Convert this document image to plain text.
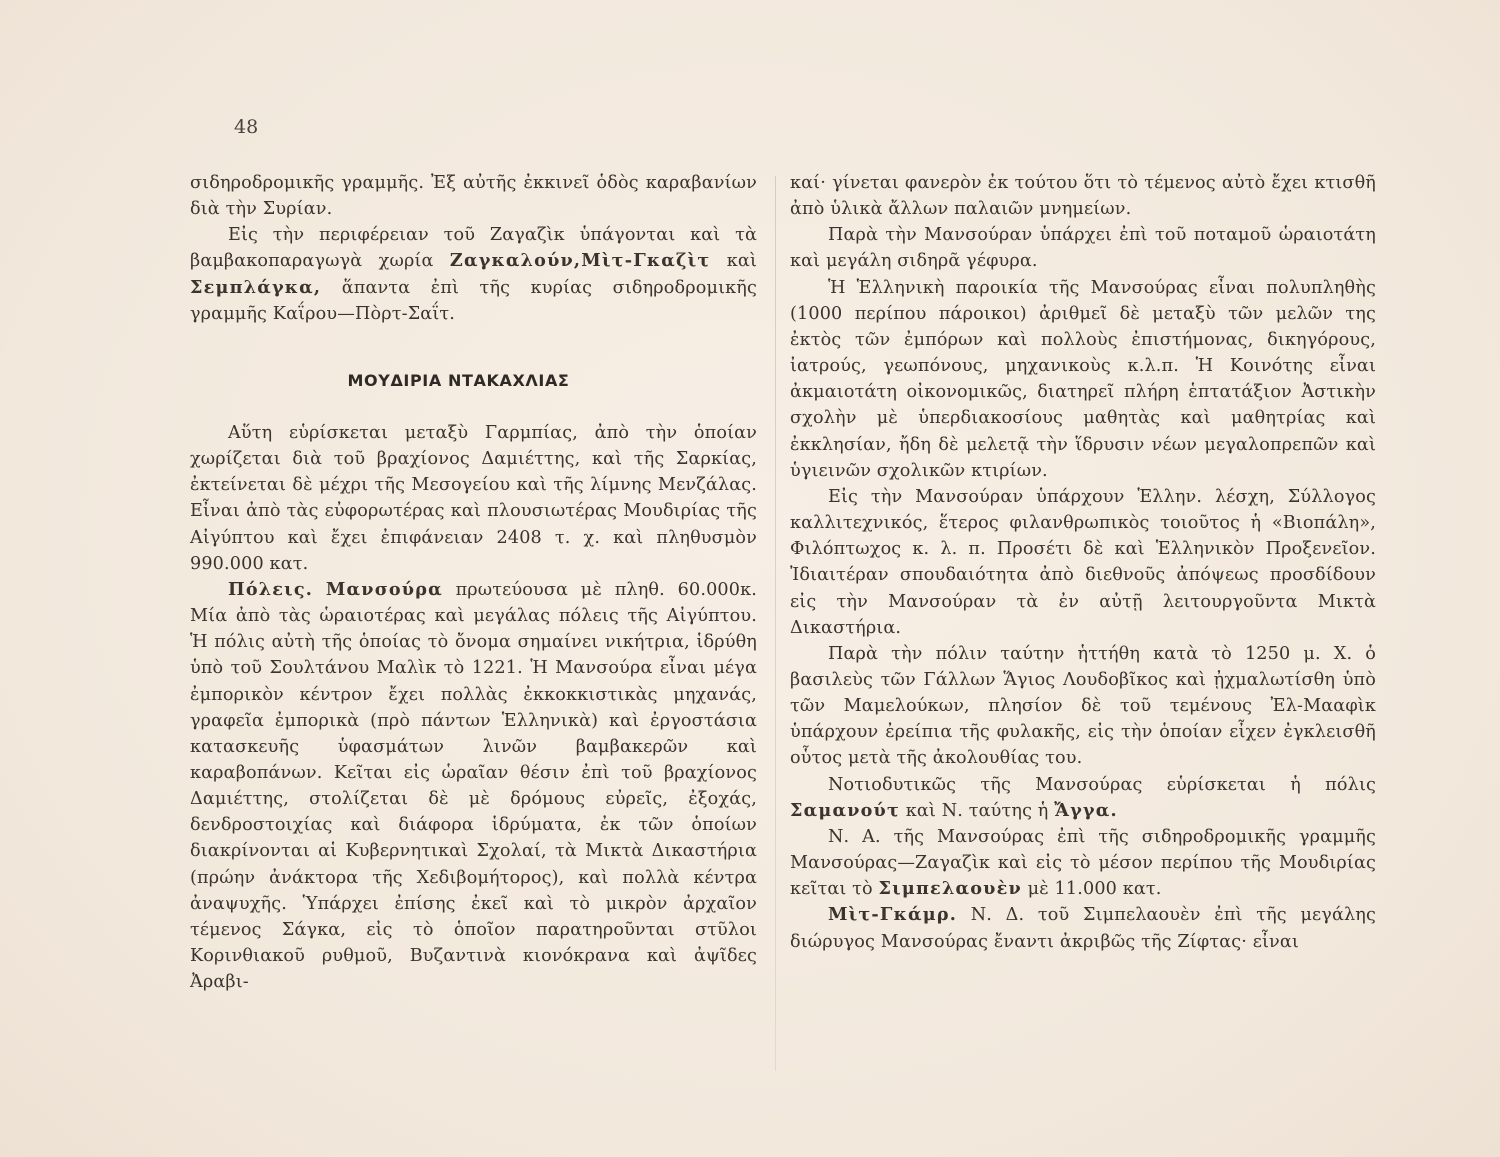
48

σιδηροδρομικῆς γραμμῆς. Ἐξ αὐτῆς ἐκκινεῖ ὁδὸς καραβανίων διὰ τὴν Συρίαν.

Εἰς τὴν περιφέρειαν τοῦ Ζαγαζὶκ ὑπάγονται καὶ τὰ βαμβακοπαραγωγὰ χωρία Ζαγκαλούν,Μὶτ-Γκαζὶτ καὶ Σεμπλάγκα, ἅπαντα ἐπὶ τῆς κυρίας σιδηροδρομικῆς γραμμῆς Καΐρου—Πὸρτ-Σαΐτ.

ΜΟΥΔΙΡΙΑ ΝΤΑΚΑΧΛΙΑΣ

Αὕτη εὑρίσκεται μεταξὺ Γαρμπίας, ἀπὸ τὴν ὁποίαν χωρίζεται διὰ τοῦ βραχίονος Δαμιέττης, καὶ τῆς Σαρκίας, ἐκτείνεται δὲ μέχρι τῆς Μεσογείου καὶ τῆς λίμνης Μενζάλας. Εἶναι ἀπὸ τὰς εὐφορωτέρας καὶ πλουσιωτέρας Μουδιρίας τῆς Αἰγύπτου καὶ ἔχει ἐπιφάνειαν 2408 τ. χ. καὶ πληθυσμὸν 990.000 κατ.

Πόλεις. Μανσούρα πρωτεύουσα μὲ πληθ. 60.000κ. Μία ἀπὸ τὰς ὡραιοτέρας καὶ μεγάλας πόλεις τῆς Αἰγύπτου. Ἡ πόλις αὐτὴ τῆς ὁποίας τὸ ὄνομα σημαίνει νικήτρια, ἱδρύθη ὑπὸ τοῦ Σουλτάνου Μαλὶκ τὸ 1221. Ἡ Μανσούρα εἶναι μέγα ἐμπορικὸν κέντρον ἔχει πολλὰς ἐκκοκκιστικὰς μηχανάς, γραφεῖα ἐμπορικὰ (πρὸ πάντων Ἑλληνικὰ) καὶ ἐργοστάσια κατασκευῆς ὑφασμάτων λινῶν βαμβακερῶν καὶ καραβοπάνων. Κεῖται εἰς ὡραῖαν θέσιν ἐπὶ τοῦ βραχίονος Δαμιέττης, στολίζεται δὲ μὲ δρόμους εὐρεῖς, ἐξοχάς, δενδροστοιχίας καὶ διάφορα ἱδρύματα, ἐκ τῶν ὁποίων διακρίνονται αἱ Κυβερνητικαὶ Σχολαί, τὰ Μικτὰ Δικαστήρια (πρώην ἀνάκτορα τῆς Χεδιβομήτορος), καὶ πολλὰ κέντρα ἀναψυχῆς. Ὑπάρχει ἐπίσης ἐκεῖ καὶ τὸ μικρὸν ἀρχαῖον τέμενος Σάγκα, εἰς τὸ ὁποῖον παρατηροῦνται στῦλοι Κορινθιακοῦ ρυθμοῦ, Βυζαντινὰ κιονόκρανα καὶ ἀψῖδες Ἀραβι-

καί· γίνεται φανερὸν ἐκ τούτου ὅτι τὸ τέμενος αὐτὸ ἔχει κτισθῆ ἀπὸ ὑλικὰ ἄλλων παλαιῶν μνημείων.

Παρὰ τὴν Μανσούραν ὑπάρχει ἐπὶ τοῦ ποταμοῦ ὡραιοτάτη καὶ μεγάλη σιδηρᾶ γέφυρα.

Ἡ Ἑλληνικὴ παροικία τῆς Μανσούρας εἶναι πολυπληθὴς (1000 περίπου πάροικοι) ἀριθμεῖ δὲ μεταξὺ τῶν μελῶν της ἐκτὸς τῶν ἐμπόρων καὶ πολλοὺς ἐπιστήμονας, δικηγόρους, ἰατρούς, γεωπόνους, μηχανικοὺς κ.λ.π. Ἡ Κοινότης εἶναι ἀκμαιοτάτη οἰκονομικῶς, διατηρεῖ πλήρη ἑπτατάξιον Ἀστικὴν σχολὴν μὲ ὑπερδιακοσίους μαθητὰς καὶ μαθητρίας καὶ ἐκκλησίαν, ἤδη δὲ μελετᾷ τὴν ἵδρυσιν νέων μεγαλοπρεπῶν καὶ ὑγιεινῶν σχολικῶν κτιρίων.

Εἰς τὴν Μανσούραν ὑπάρχουν Ἑλλην. λέσχη, Σύλλογος καλλιτεχνικός, ἕτερος φιλανθρωπικὸς τοιοῦτος ἡ «Βιοπάλη», Φιλόπτωχος κ. λ. π. Προσέτι δὲ καὶ Ἑλληνικὸν Προξενεῖον. Ἰδιαιτέραν σπουδαιότητα ἀπὸ διεθνοῦς ἀπόψεως προσδίδουν εἰς τὴν Μανσούραν τὰ ἐν αὐτῇ λειτουργοῦντα Μικτὰ Δικαστήρια.

Παρὰ τὴν πόλιν ταύτην ἡττήθη κατὰ τὸ 1250 μ. Χ. ὁ βασιλεὺς τῶν Γάλλων Ἅγιος Λουδοβῖκος καὶ ᾐχμαλωτίσθη ὑπὸ τῶν Μαμελούκων, πλησίον δὲ τοῦ τεμένους Ἐλ-Μααφὶκ ὑπάρχουν ἐρείπια τῆς φυλακῆς, εἰς τὴν ὁποίαν εἶχεν ἐγκλεισθῆ οὗτος μετὰ τῆς ἀκολουθίας του.

Νοτιοδυτικῶς τῆς Μανσούρας εὑρίσκεται ἡ πόλις Σαμανούτ καὶ Ν. ταύτης ἡ Ἄγγα.

Ν. Α. τῆς Μανσούρας ἐπὶ τῆς σιδηροδρομικῆς γραμμῆς Μανσούρας—Ζαγαζὶκ καὶ εἰς τὸ μέσον περίπου τῆς Μουδιρίας κεῖται τὸ Σιμπελαουὲν μὲ 11.000 κατ.

Μὶτ-Γκάμρ. Ν. Δ. τοῦ Σιμπελαουὲν ἐπὶ τῆς μεγάλης διώρυγος Μανσούρας ἔναντι ἀκριβῶς τῆς Ζίφτας· εἶναι
